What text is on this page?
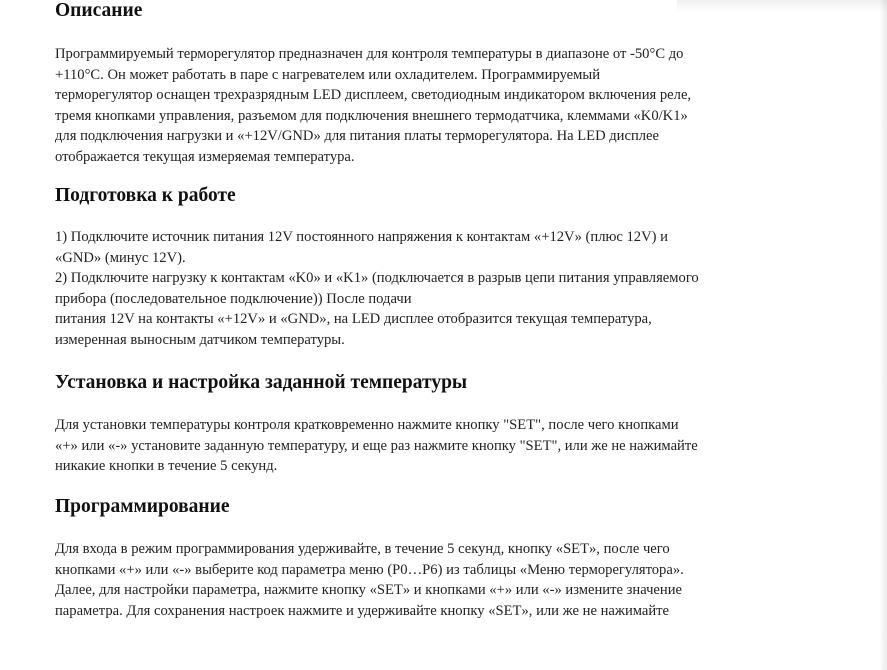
Описание

Программируемый терморегулятор предназначен для контроля температуры в диапазоне от -50°C до
+110°C. Он может работать в паре с нагревателем или охладителем. Программируемый
терморегулятор оснащен трехразрядным LED дисплеем, светодиодным индикатором включения реле,
тремя кнопками управления, разъемом для подключения внешнего термодатчика, клеммами «K0/K1»
для подключения нагрузки и «+12V/GND» для питания платы терморегулятора. На LED дисплее
отображается текущая измеряемая температура.

Подготовка к работе

1) Подключите источник питания 12V постоянного напряжения к контактам «+12V» (плюс 12V) и
«GND» (минус 12V).
2) Подключите нагрузку к контактам «K0» и «K1» (подключается в разрыв цепи питания управляемого
прибора (последовательное подключение)) После подачи
питания 12V на контакты «+12V» и «GND», на LED дисплее отобразится текущая температура,
измеренная выносным датчиком температуры.

Установка и настройка заданной температуры

Для установки температуры контроля кратковременно нажмите кнопку "SET", после чего кнопками
«+» или «-» установите заданную температуру, и еще раз нажмите кнопку "SET", или же не нажимайте
никакие кнопки в течение 5 секунд.

Программирование

Для входа в режим программирования удерживайте, в течение 5 секунд, кнопку «SET», после чего
кнопками «+» или «-» выберите код параметра меню (P0…P6) из таблицы «Меню терморегулятора».
Далее, для настройки параметра, нажмите кнопку «SET» и кнопками «+» или «-» измените значение
параметра. Для сохранения настроек нажмите и удерживайте кнопку «SET», или же не нажимайте
